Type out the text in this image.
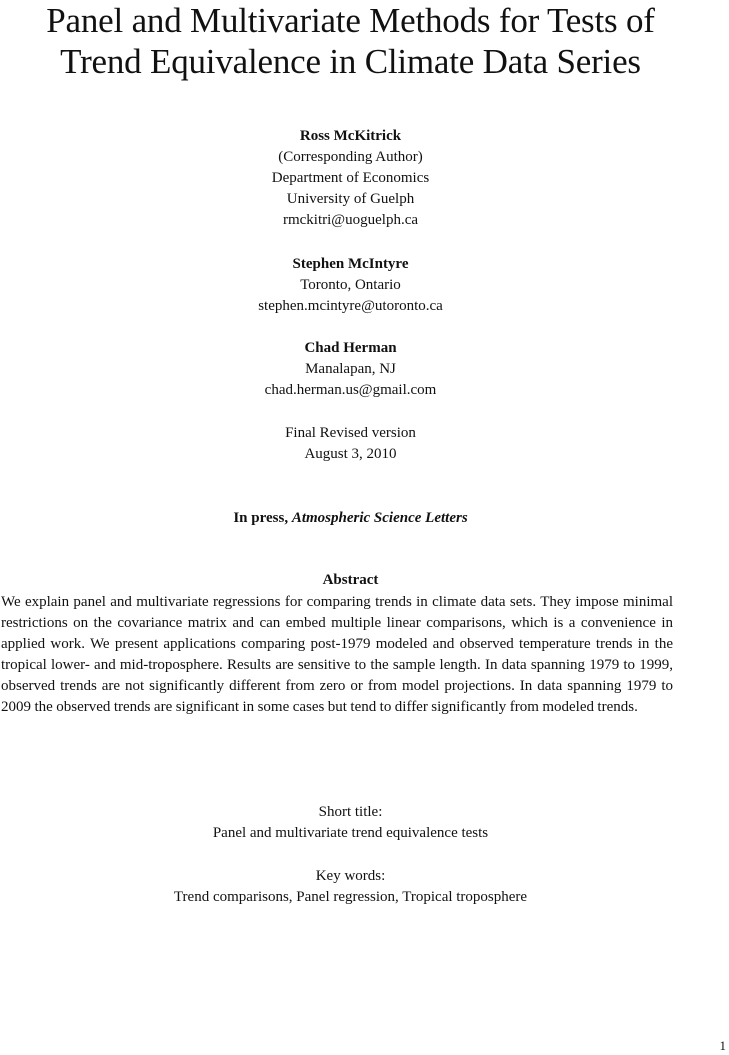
Panel and Multivariate Methods for Tests of
Trend Equivalence in Climate Data Series
Ross McKitrick
(Corresponding Author)
Department of Economics
University of Guelph
rmckitri@uoguelph.ca
Stephen McIntyre
Toronto, Ontario
stephen.mcintyre@utoronto.ca
Chad Herman
Manalapan, NJ
chad.herman.us@gmail.com
Final Revised version
August 3, 2010
In press, Atmospheric Science Letters
Abstract
We explain panel and multivariate regressions for comparing trends in climate data sets. They impose minimal restrictions on the covariance matrix and can embed multiple linear comparisons, which is a convenience in applied work. We present applications comparing post-1979 modeled and observed temperature trends in the tropical lower- and mid-troposphere. Results are sensitive to the sample length. In data spanning 1979 to 1999, observed trends are not significantly different from zero or from model projections. In data spanning 1979 to 2009 the observed trends are significant in some cases but tend to differ significantly from modeled trends.
Short title:
Panel and multivariate trend equivalence tests
Key words:
Trend comparisons, Panel regression, Tropical troposphere
1
